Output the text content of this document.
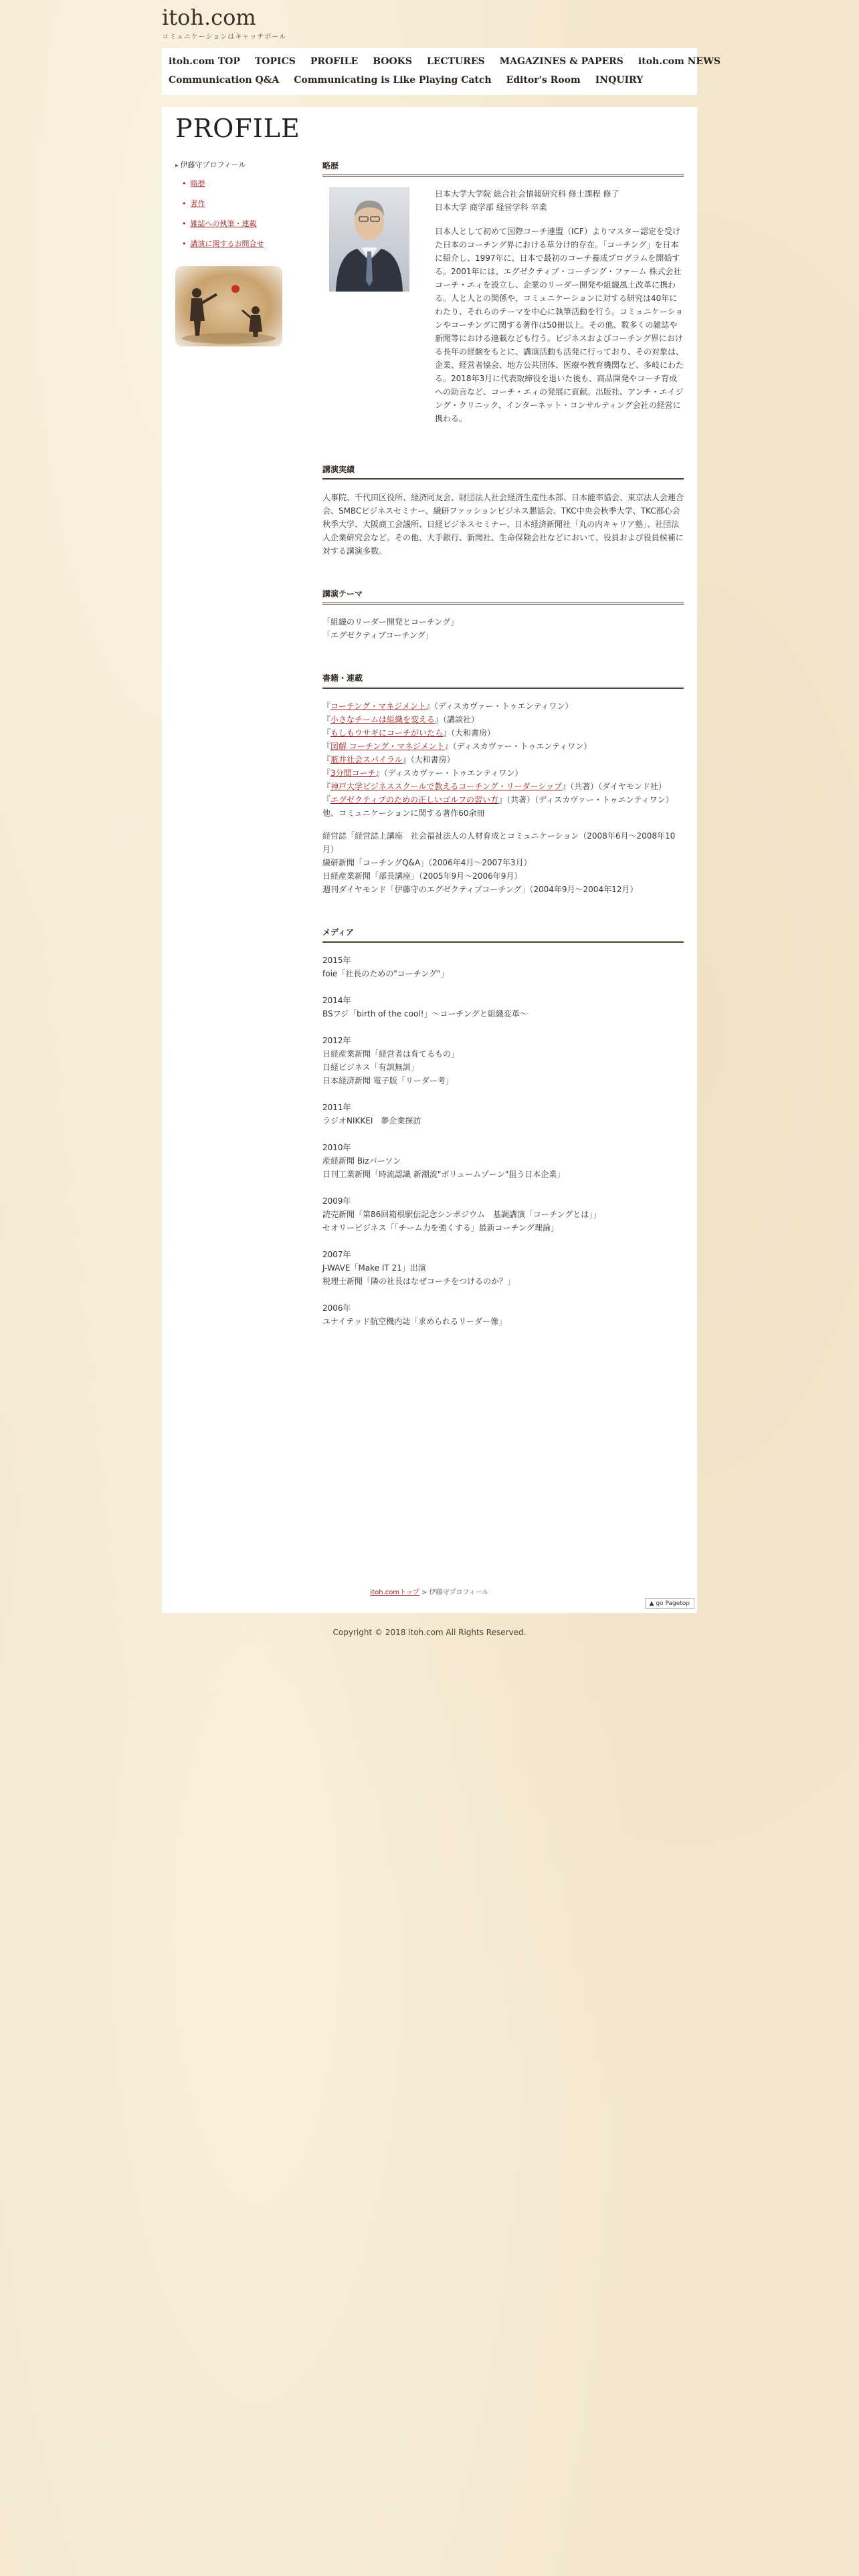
itoh.com
コミュニケーションはキャッチボール
itoh.com TOP TOPICS PROFILE BOOKS LECTURES MAGAZINES & PAPERS itoh.com NEWS
Communication Q&A Communicating is Like Playing Catch Editor's Room INQUIRY
PROFILE
▸ 伊藤守プロフィール
• 略歴
• 著作
• 雑誌への執筆・連載
• 講演に関するお問合せ
略歴

日本大学大学院 総合社会情報研究科 修士課程 修了
日本大学 商学部 経営学科 卒業

日本人として初めて国際コーチ連盟（ICF）よりマスター認定を受けた日本のコーチング界における草分け的存在。「コーチング」を日本に紹介し、1997年に、日本で最初のコーチ養成プログラムを開始する。2001年には、エグゼクティブ・コーチング・ファーム 株式会社コーチ・エィを設立し、企業のリーダー開発や組織風土改革に携わる。人と人との関係や、コミュニケーションに対する研究は40年にわたり、それらのテーマを中心に執筆活動を行う。コミュニケーションやコーチングに関する著作は50冊以上。その他、数多くの雑誌や新聞等における連載なども行う。ビジネスおよびコーチング界における長年の経験をもとに、講演活動も活発に行っており、その対象は、企業、経営者協会、地方公共団体、医療や教育機関など、多岐にわたる。2018年3月に代表取締役を退いた後も、商品開発やコーチ育成への助言など、コーチ・エィの発展に貢献。出版社、アンチ・エイジング・クリニック、インターネット・コンサルティング会社の経営に携わる。

講演実績

人事院、千代田区役所、経済同友会、財団法人社会経済生産性本部、日本能率協会、東京法人会連合会、SMBCビジネスセミナー、繊研ファッションビジネス懇話会、TKC中央会秋季大学、TKC都心会秋季大学、大阪商工会議所、日経ビジネスセミナー、日本経済新聞社「丸の内キャリア塾」、社団法人企業研究会など。その他、大手銀行、新聞社、生命保険会社などにおいて、役員および役員候補に対する講演多数。

講演テーマ

「組織のリーダー開発とコーチング」

「エグゼクティブコーチング」

書籍・連載

『コーチング・マネジメント』（ディスカヴァー・トゥエンティワン）

『小さなチームは組織を変える』（講談社）

『もしもウサギにコーチがいたら』（大和書房）

『図解 コーチング・マネジメント』（ディスカヴァー・トゥエンティワン）

『瓶井社会スパイラル』（大和書房）

『3分間コーチ』（ディスカヴァー・トゥエンティワン）

『神戸大学ビジネススクールで教えるコーチング・リーダーシップ』（共著）（ダイヤモンド社）

『エグゼクティブのための正しいゴルフの習い方』（共著）（ディスカヴァー・トゥエンティワン）

他、コミュニケーションに関する著作60余冊

経営誌「経営誌上講座　社会福祉法人の人材育成とコミュニケーション（2008年6月〜2008年10月）

繊研新聞「コーチングQ&A」（2006年4月〜2007年3月）

日経産業新聞「部長講座」（2005年9月〜2006年9月）

週刊ダイヤモンド「伊藤守のエグゼクティブコーチング」（2004年9月〜2004年12月）

メディア

2015年

foie「社長のための"コーチング"」

2014年

BSフジ「birth of the cool!」〜コーチングと組織変革〜

2012年

日経産業新聞「経営者は育てるもの」

日経ビジネス「有訓無訓」

日本経済新聞 電子版「リーダー考」

2011年

ラジオNIKKEI　夢企業探訪

2010年

産経新聞 Bizパーソン

日刊工業新聞「時流認識 新潮流"ボリュームゾーン"狙う日本企業」

2009年

読売新聞「第86回箱根駅伝記念シンポジウム　基調講演「コーチングとは」」

セオリービジネス「「チーム力を強くする」最新コーチング理論」

2007年

J-WAVE「Make IT 21」出演

税理士新聞「隣の社長はなぜコーチをつけるのか？」

2006年

ユナイテッド航空機内誌「求められるリーダー像」

itoh.comトップ > 伊藤守プロフィール
▲ go Pagetop
Copyright © 2018 itoh.com All Rights Reserved.
